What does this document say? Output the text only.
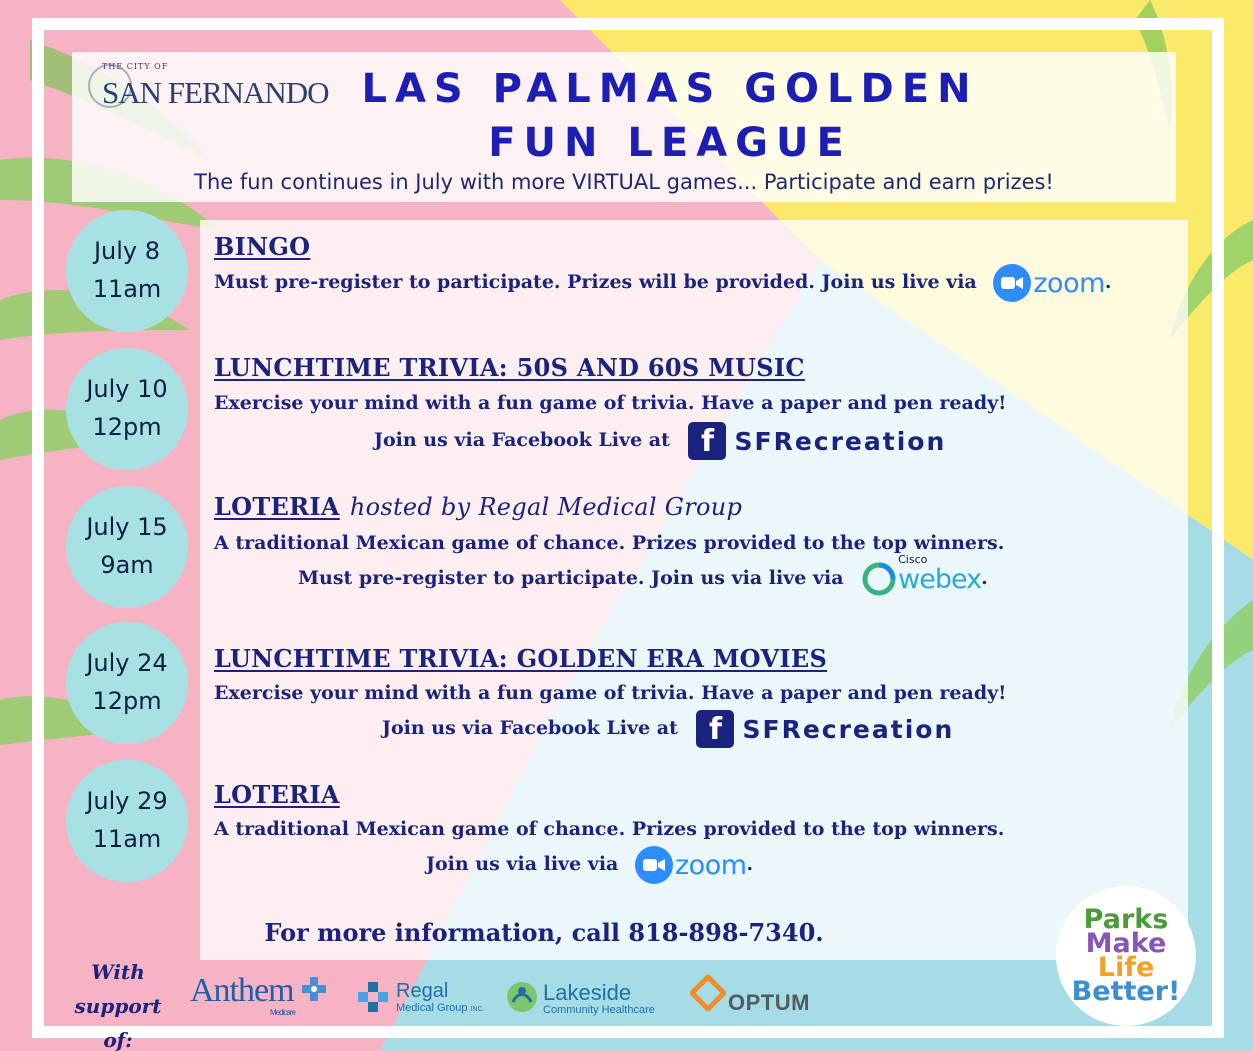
THE CITY OF
SAN FERNANDO LAS PALMAS GOLDEN
FUN LEAGUE
The fun continues in July with more VIRTUAL games... Participate and earn prizes!
July 8
11am
BINGO
Must pre-register to participate. Prizes will be provided. Join us live via zoom .
July 10
12pm
LUNCHTIME TRIVIA: 50S AND 60S MUSIC
Exercise your mind with a fun game of trivia. Have a paper and pen ready!
Join us via Facebook Live at	f SFRecreation
July 15
9am
LOTERIA hosted by Regal Medical Group
A traditional Mexican game of chance. Prizes provided to the top winners.
Must pre-register to participate. Join us via live via
Cisco
webex .
July 24
12pm
LUNCHTIME TRIVIA: GOLDEN ERA MOVIES
Exercise your mind with a fun game of trivia. Have a paper and pen ready!
Join us via Facebook Live at	f SFRecreation
July 29
11am
LOTERIA
A traditional Mexican game of chance. Prizes provided to the top winners.
Join us via live via zoom .
For more information, call 818-898-7340.
With
support of:
Anthem
Medicare
Regal
Medical Group INC.
Lakeside
Community Healthcare	OPTUM
Parks
Make
Life
Better!
